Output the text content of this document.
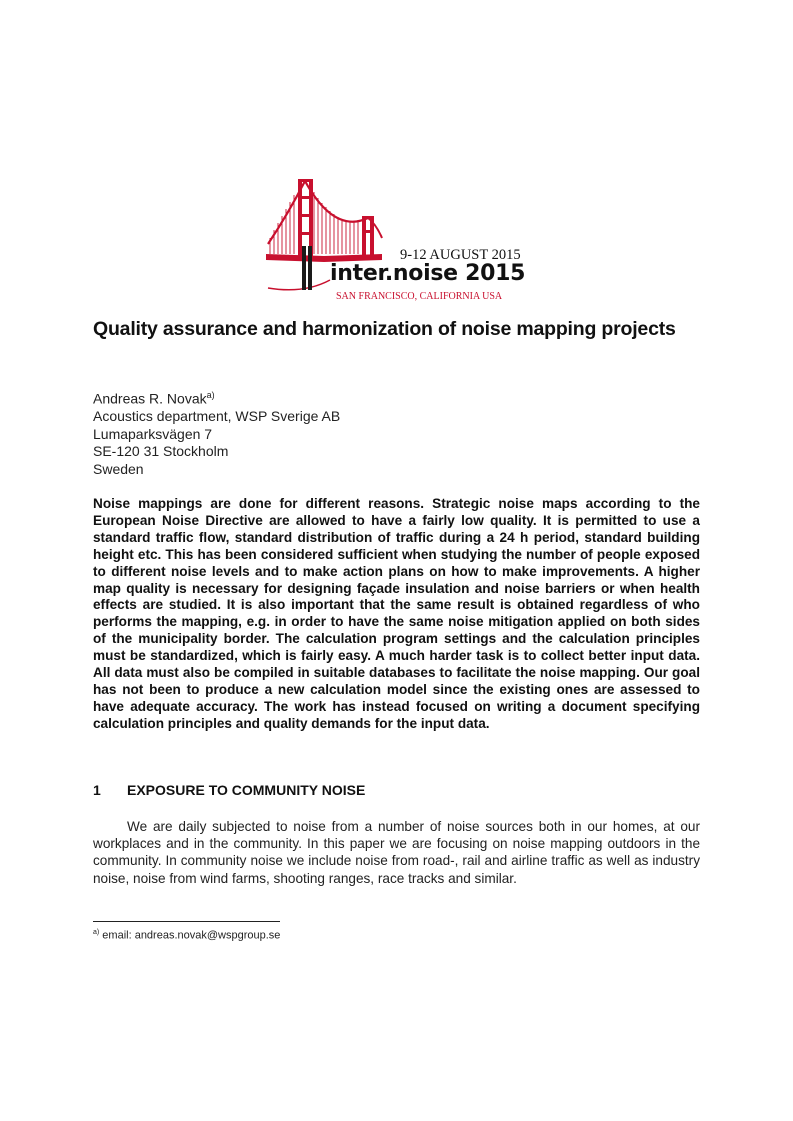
9-12 AUGUST 2015
inter.noise 2015
SAN FRANCISCO, CALIFORNIA USA
Quality assurance and harmonization of noise mapping projects
Andreas R. Novak$^{a)}$
Acoustics department, WSP Sverige AB
Lumaparksvägen 7
SE-120 31 Stockholm
Sweden

Noise mappings are done for different reasons. Strategic noise maps according to the European Noise Directive are allowed to have a fairly low quality. It is permitted to use a standard traffic flow, standard distribution of traffic during a 24 h period, standard building height etc. This has been considered sufficient when studying the number of people exposed to different noise levels and to make action plans on how to make improvements. A higher map quality is necessary for designing façade insulation and noise barriers or when health effects are studied. It is also important that the same result is obtained regardless of who performs the mapping, e.g. in order to have the same noise mitigation applied on both sides of the municipality border. The calculation program settings and the calculation principles must be standardized, which is fairly easy. A much harder task is to collect better input data. All data must also be compiled in suitable databases to facilitate the noise mapping. Our goal has not been to produce a new calculation model since the existing ones are assessed to have adequate accuracy. The work has instead focused on writing a document specifying calculation principles and quality demands for the input data.

1 EXPOSURE TO COMMUNITY NOISE

We are daily subjected to noise from a number of noise sources both in our homes, at our workplaces and in the community. In this paper we are focusing on noise mapping outdoors in the community. In community noise we include noise from road-, rail and airline traffic as well as industry noise, noise from wind farms, shooting ranges, race tracks and similar.

$^{a)}$ email: andreas.novak@wspgroup.se
